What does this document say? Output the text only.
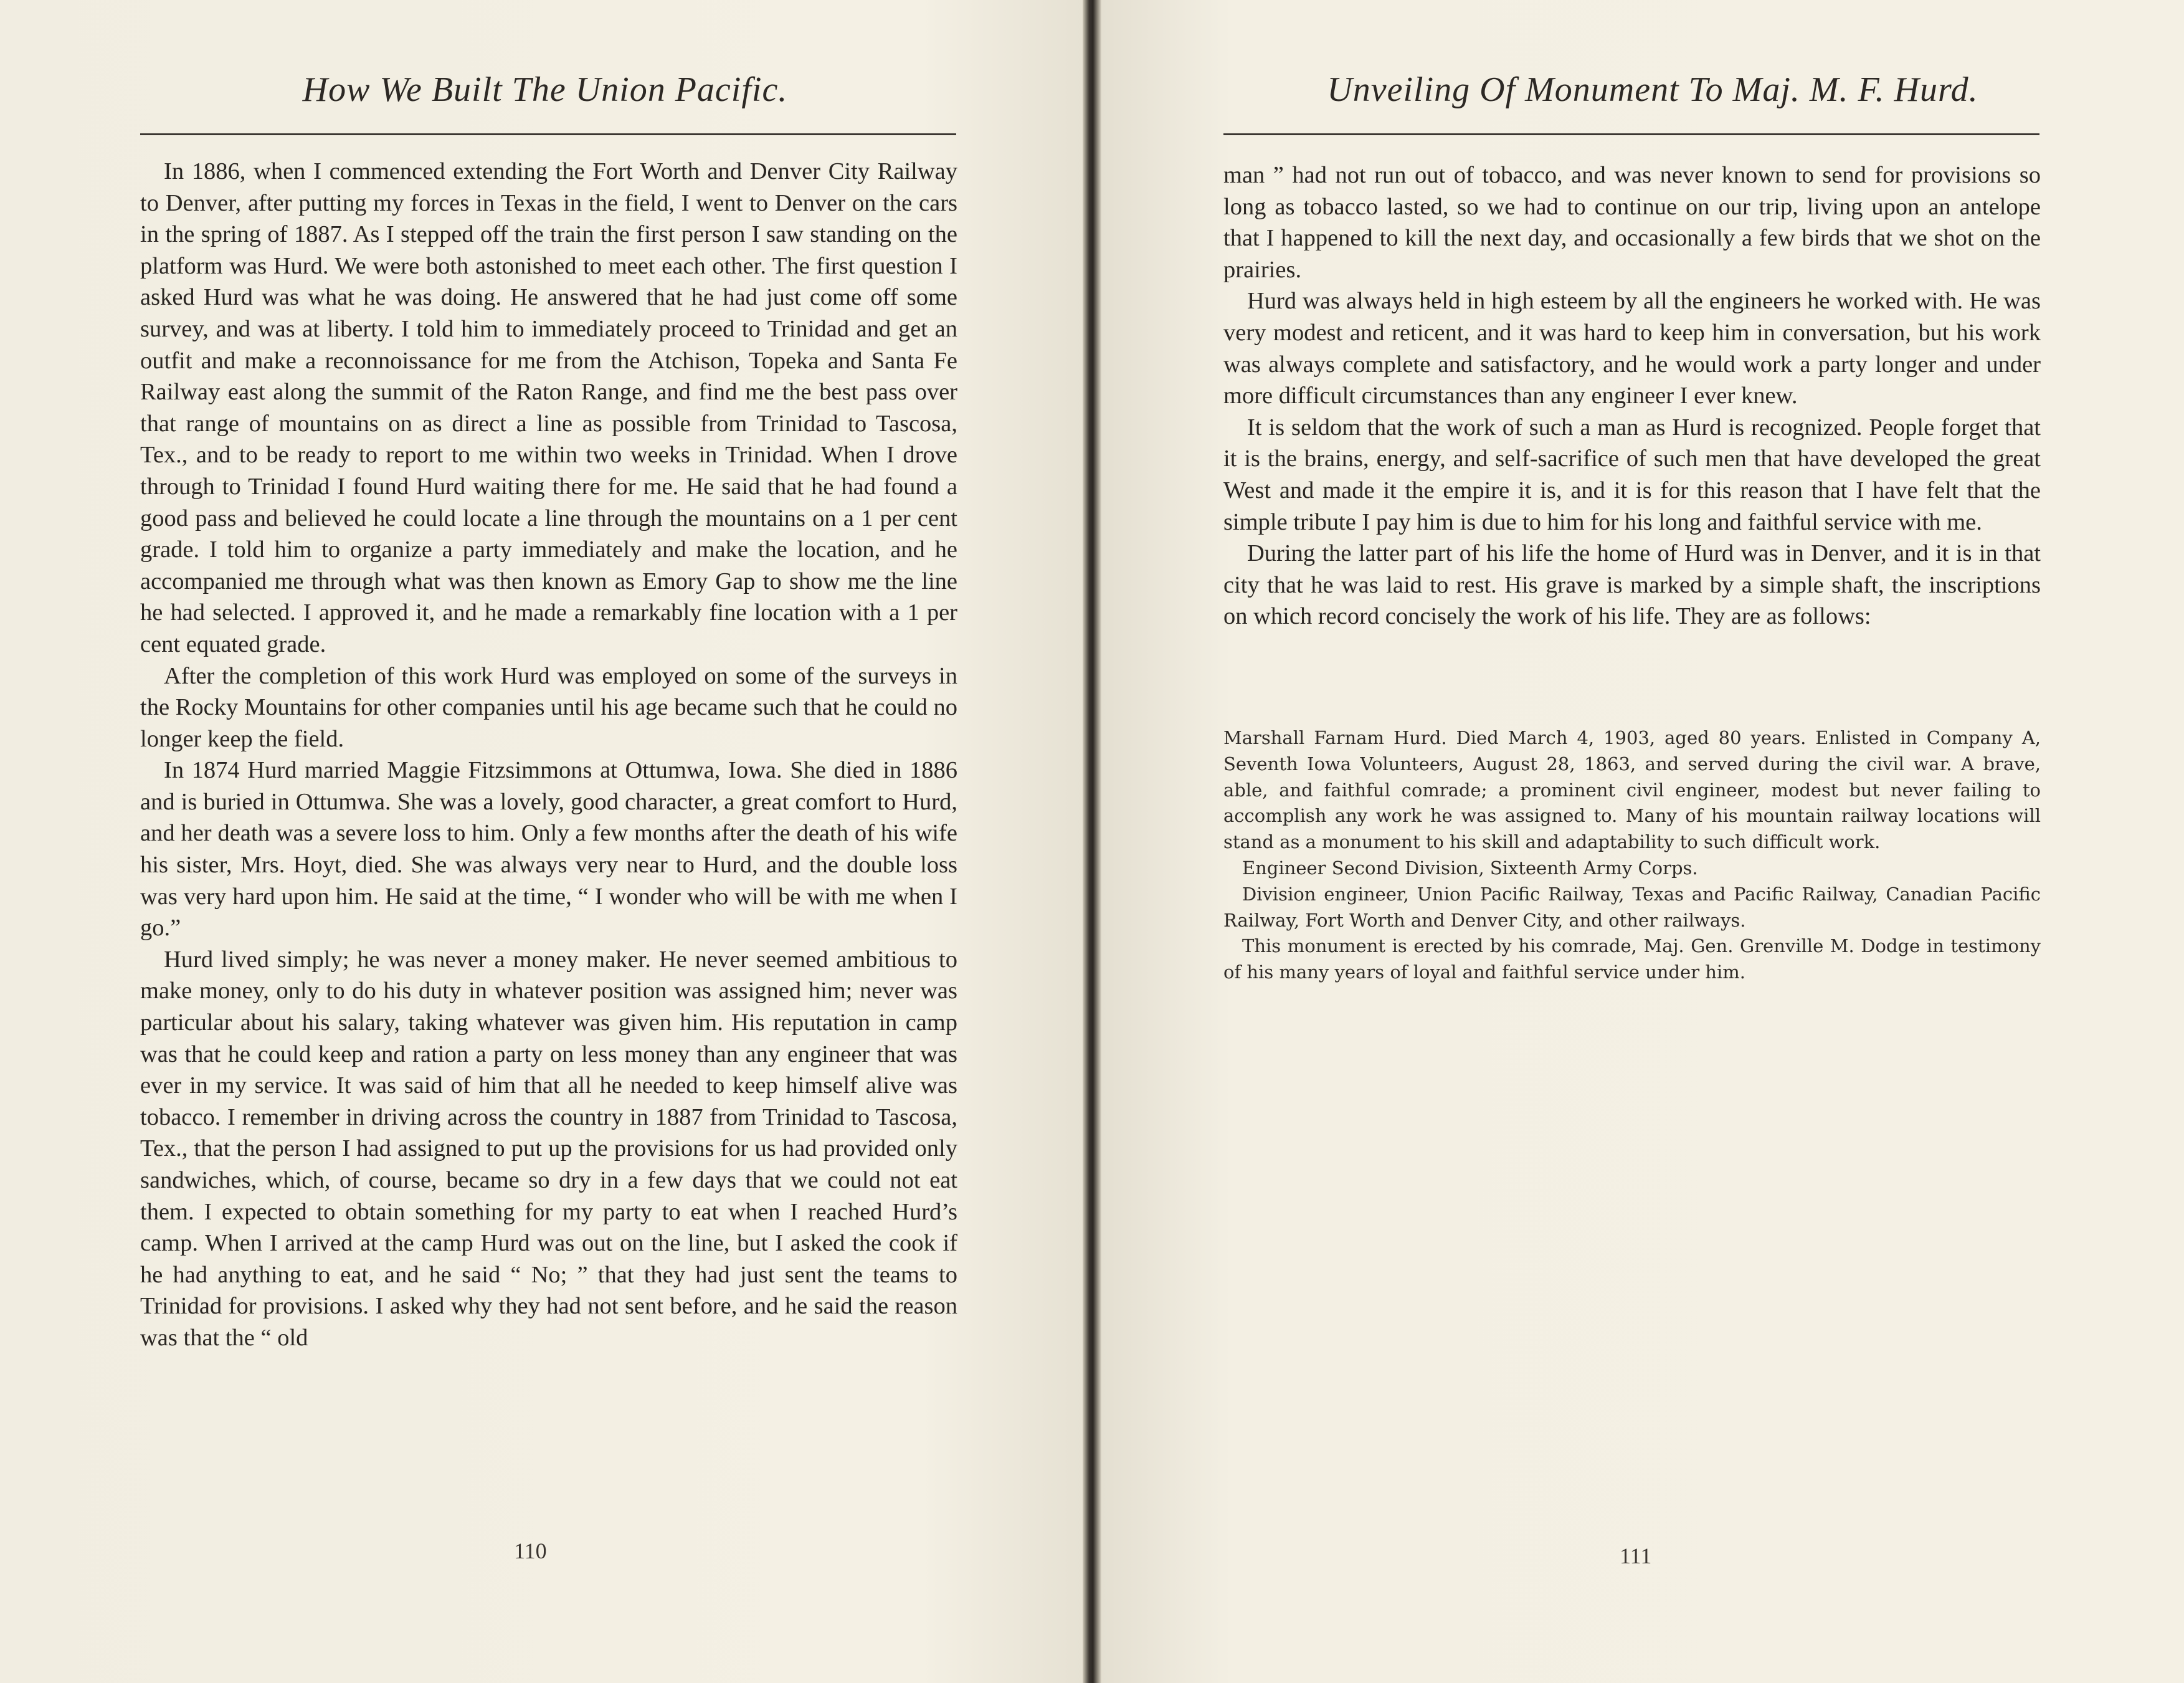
How We Built The Union Pacific.

In 1886, when I commenced extending the Fort Worth and Denver City Railway to Denver, after putting my forces in Texas in the field, I went to Denver on the cars in the spring of 1887. As I stepped off the train the first person I saw standing on the platform was Hurd. We were both astonished to meet each other. The first question I asked Hurd was what he was doing. He answered that he had just come off some survey, and was at liberty. I told him to immediately proceed to Trinidad and get an outfit and make a reconnoissance for me from the Atchison, Topeka and Santa Fe Railway east along the summit of the Raton Range, and find me the best pass over that range of mountains on as direct a line as possible from Trinidad to Tascosa, Tex., and to be ready to report to me within two weeks in Trinidad. When I drove through to Trinidad I found Hurd waiting there for me. He said that he had found a good pass and believed he could locate a line through the mountains on a 1 per cent grade. I told him to organize a party immediately and make the location, and he accompanied me through what was then known as Emory Gap to show me the line he had selected. I approved it, and he made a remarkably fine location with a 1 per cent equated grade.

After the completion of this work Hurd was employed on some of the surveys in the Rocky Mountains for other companies until his age became such that he could no longer keep the field.

In 1874 Hurd married Maggie Fitzsimmons at Ottumwa, Iowa. She died in 1886 and is buried in Ottumwa. She was a lovely, good character, a great comfort to Hurd, and her death was a severe loss to him. Only a few months after the death of his wife his sister, Mrs. Hoyt, died. She was always very near to Hurd, and the double loss was very hard upon him. He said at the time, “ I wonder who will be with me when I go.”

Hurd lived simply; he was never a money maker. He never seemed ambitious to make money, only to do his duty in whatever position was assigned him; never was particular about his salary, taking whatever was given him. His reputation in camp was that he could keep and ration a party on less money than any engineer that was ever in my service. It was said of him that all he needed to keep himself alive was tobacco. I remember in driving across the country in 1887 from Trinidad to Tascosa, Tex., that the person I had assigned to put up the provisions for us had provided only sandwiches, which, of course, became so dry in a few days that we could not eat them. I expected to obtain something for my party to eat when I reached Hurd’s camp. When I arrived at the camp Hurd was out on the line, but I asked the cook if he had anything to eat, and he said “ No; ” that they had just sent the teams to Trinidad for provisions. I asked why they had not sent before, and he said the reason was that the “ old

110
Unveiling Of Monument To Maj. M. F. Hurd.

man ” had not run out of tobacco, and was never known to send for provisions so long as tobacco lasted, so we had to continue on our trip, living upon an antelope that I happened to kill the next day, and occasionally a few birds that we shot on the prairies.

Hurd was always held in high esteem by all the engineers he worked with. He was very modest and reticent, and it was hard to keep him in conversation, but his work was always complete and satisfactory, and he would work a party longer and under more difficult circumstances than any engineer I ever knew.

It is seldom that the work of such a man as Hurd is recognized. People forget that it is the brains, energy, and self-sacrifice of such men that have developed the great West and made it the empire it is, and it is for this reason that I have felt that the simple tribute I pay him is due to him for his long and faithful service with me.

During the latter part of his life the home of Hurd was in Denver, and it is in that city that he was laid to rest. His grave is marked by a simple shaft, the inscriptions on which record concisely the work of his life. They are as follows:

Marshall Farnam Hurd. Died March 4, 1903, aged 80 years. Enlisted in Company A, Seventh Iowa Volunteers, August 28, 1863, and served during the civil war. A brave, able, and faithful comrade; a prominent civil engineer, modest but never failing to accomplish any work he was assigned to. Many of his mountain railway locations will stand as a monument to his skill and adaptability to such difficult work.

Engineer Second Division, Sixteenth Army Corps.

Division engineer, Union Pacific Railway, Texas and Pacific Railway, Canadian Pacific Railway, Fort Worth and Denver City, and other railways.

This monument is erected by his comrade, Maj. Gen. Grenville M. Dodge in testimony of his many years of loyal and faithful service under him.

111
